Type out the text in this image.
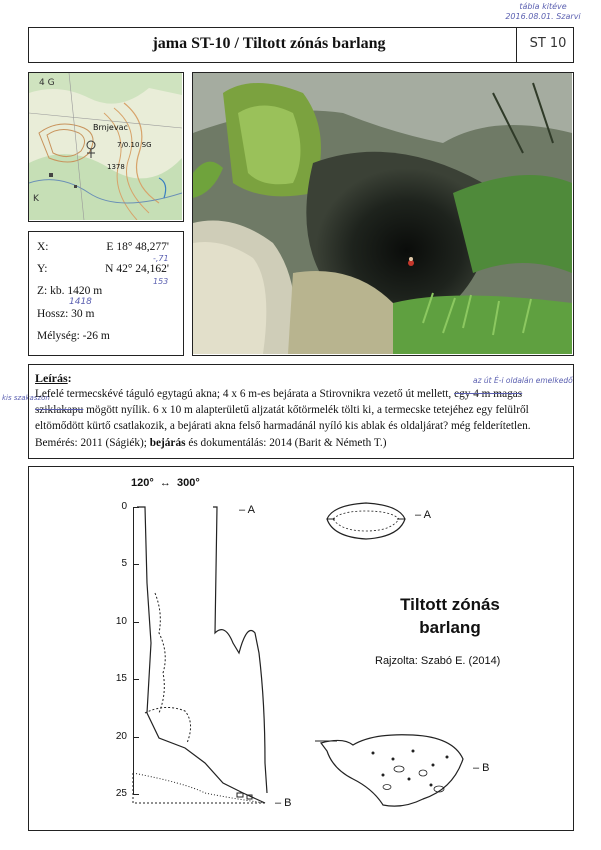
tábla kitéve
2016.08.01. Szarvi
jama ST-10 / Tiltott zónás barlang	ST 10
4 G
K
Brnjevac
7/0.10 SG
1378
X:	E 18° 48,277'
Y:	N 42° 24,162'
-,71
153
Z: kb. 1420 m
1418
Hossz: 30 m
Mélység: -26 m
az út É-i oldalán emelkedő
kis szakaszon
Leírás:
Lefelé termecskévé táguló egytagú akna; 4 x 6 m-es bejárata a Stirovnikra vezető út mellett, egy 4 m magas sziklakapu mögött nyílik. 6 x 10 m alapterületű aljzatát kőtörmelék tölti ki, a termecske tetejéhez egy felülről eltömődött kürtő csatlakozik, a bejárati akna felső harmadánál nyíló kis ablak és oldaljárat? még felderítetlen.
Bemérés: 2011 (Ságiék); bejárás és dokumentálás: 2014 (Barit & Németh T.)
120°  ↔  300°
0
5
10
15
20
25
– A
– B
– A
– B
Tiltott zónás
barlang
Rajzolta: Szabó E. (2014)
